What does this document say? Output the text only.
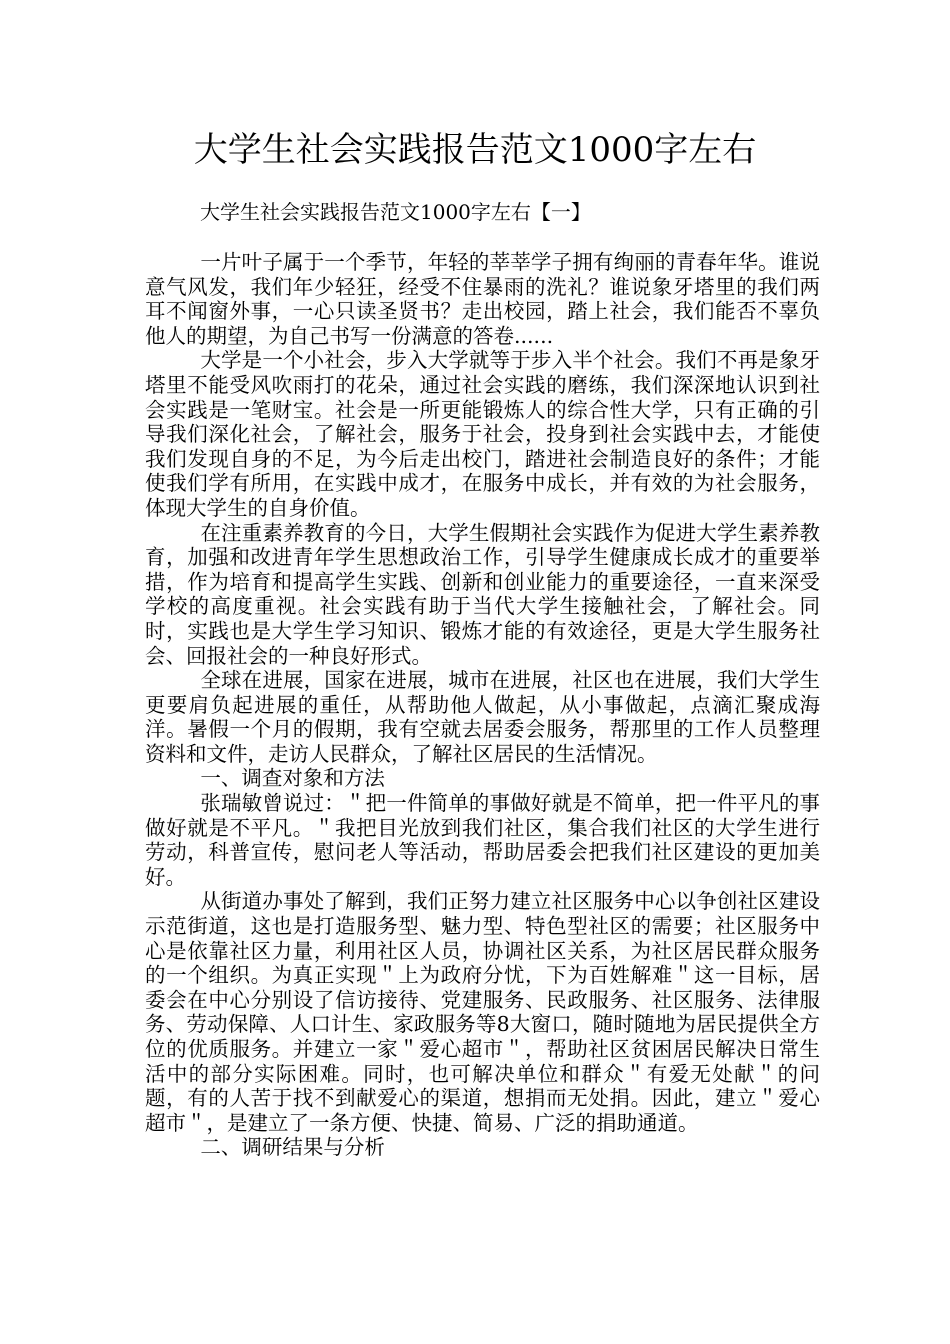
大学生社会实践报告范文1000字左右
大学生社会实践报告范文1000字左右【一】

一片叶子属于一个季节，年轻的莘莘学子拥有绚丽的青春年华。谁说意气风发，我们年少轻狂，经受不住暴雨的洗礼？谁说象牙塔里的我们两耳不闻窗外事，一心只读圣贤书？走出校园，踏上社会，我们能否不辜负他人的期望，为自己书写一份满意的答卷......

大学是一个小社会，步入大学就等于步入半个社会。我们不再是象牙塔里不能受风吹雨打的花朵，通过社会实践的磨练，我们深深地认识到社会实践是一笔财宝。社会是一所更能锻炼人的综合性大学，只有正确的引导我们深化社会，了解社会，服务于社会，投身到社会实践中去，才能使我们发现自身的不足，为今后走出校门，踏进社会制造良好的条件；才能使我们学有所用，在实践中成才，在服务中成长，并有效的为社会服务，体现大学生的自身价值。

在注重素养教育的今日，大学生假期社会实践作为促进大学生素养教育，加强和改进青年学生思想政治工作，引导学生健康成长成才的重要举措，作为培育和提高学生实践、创新和创业能力的重要途径，一直来深受学校的高度重视。社会实践有助于当代大学生接触社会，了解社会。同时，实践也是大学生学习知识、锻炼才能的有效途径，更是大学生服务社会、回报社会的一种良好形式。

全球在进展，国家在进展，城市在进展，社区也在进展，我们大学生更要肩负起进展的重任，从帮助他人做起，从小事做起，点滴汇聚成海洋。暑假一个月的假期，我有空就去居委会服务，帮那里的工作人员整理资料和文件，走访人民群众，了解社区居民的生活情况。

一、调查对象和方法

张瑞敏曾说过：＂把一件简单的事做好就是不简单，把一件平凡的事做好就是不平凡。＂我把目光放到我们社区，集合我们社区的大学生进行劳动，科普宣传，慰问老人等活动，帮助居委会把我们社区建设的更加美好。

从街道办事处了解到，我们正努力建立社区服务中心以争创社区建设示范街道，这也是打造服务型、魅力型、特色型社区的需要；社区服务中心是依靠社区力量，利用社区人员，协调社区关系，为社区居民群众服务的一个组织。为真正实现＂上为政府分忧，下为百姓解难＂这一目标，居委会在中心分别设了信访接待、党建服务、民政服务、社区服务、法律服务、劳动保障、人口计生、家政服务等8大窗口，随时随地为居民提供全方位的优质服务。并建立一家＂爱心超市＂，帮助社区贫困居民解决日常生活中的部分实际困难。同时，也可解决单位和群众＂有爱无处献＂的问题，有的人苦于找不到献爱心的渠道，想捐而无处捐。因此，建立＂爱心超市＂，是建立了一条方便、快捷、简易、广泛的捐助通道。

二、调研结果与分析
